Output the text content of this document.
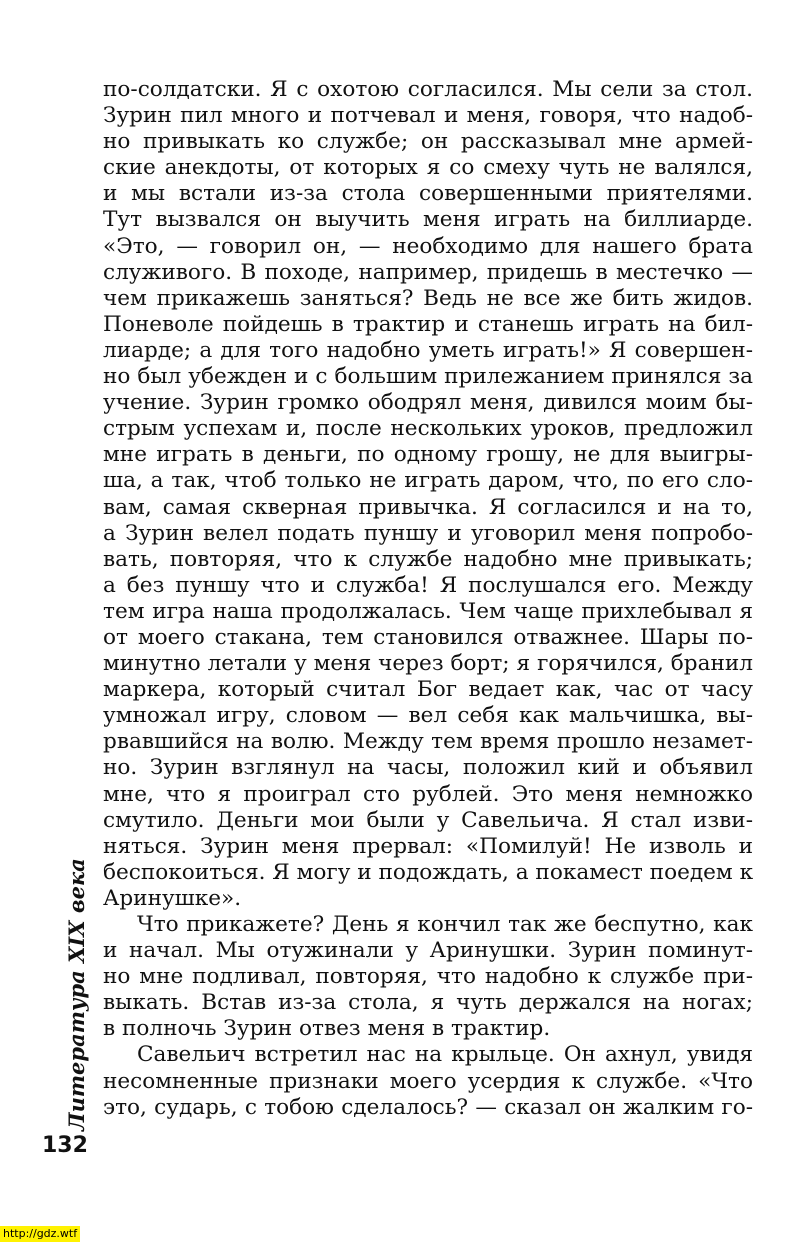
по-солдатски. Я с охотою согласился. Мы сели за стол.
Зурин пил много и потчевал и меня, говоря, что надоб-
но привыкать ко службе; он рассказывал мне армей-
ские анекдоты, от которых я со смеху чуть не валялся,
и мы встали из-за стола совершенными приятелями.
Тут вызвался он выучить меня играть на биллиарде.
«Это, — говорил он, — необходимо для нашего брата
служивого. В походе, например, придешь в местечко —
чем прикажешь заняться? Ведь не все же бить жидов.
Поневоле пойдешь в трактир и станешь играть на бил-
лиарде; а для того надобно уметь играть!» Я совершен-
но был убежден и с большим прилежанием принялся за
учение. Зурин громко ободрял меня, дивился моим бы-
стрым успехам и, после нескольких уроков, предложил
мне играть в деньги, по одному грошу, не для выигры-
ша, а так, чтоб только не играть даром, что, по его сло-
вам, самая скверная привычка. Я согласился и на то,
а Зурин велел подать пуншу и уговорил меня попробо-
вать, повторяя, что к службе надобно мне привыкать;
а без пуншу что и служба! Я послушался его. Между
тем игра наша продолжалась. Чем чаще прихлебывал я
от моего стакана, тем становился отважнее. Шары по-
минутно летали у меня через борт; я горячился, бранил
маркера, который считал Бог ведает как, час от часу
умножал игру, словом — вел себя как мальчишка, вы-
рвавшийся на волю. Между тем время прошло незамет-
но. Зурин взглянул на часы, положил кий и объявил
мне, что я проиграл сто рублей. Это меня немножко
смутило. Деньги мои были у Савельича. Я стал изви-
няться. Зурин меня прервал: «Помилуй! Не изволь и
беспокоиться. Я могу и подождать, а покамест поедем к
Аринушке».
Что прикажете? День я кончил так же беспутно, как
и начал. Мы отужинали у Аринушки. Зурин поминут-
но мне подливал, повторяя, что надобно к службе при-
выкать. Встав из-за стола, я чуть держался на ногах;
в полночь Зурин отвез меня в трактир.
Савельич встретил нас на крыльце. Он ахнул, увидя
несомненные признаки моего усердия к службе. «Что
это, сударь, с тобою сделалось? — сказал он жалким го-
Литература XIX века
132
http://gdz.wtf
